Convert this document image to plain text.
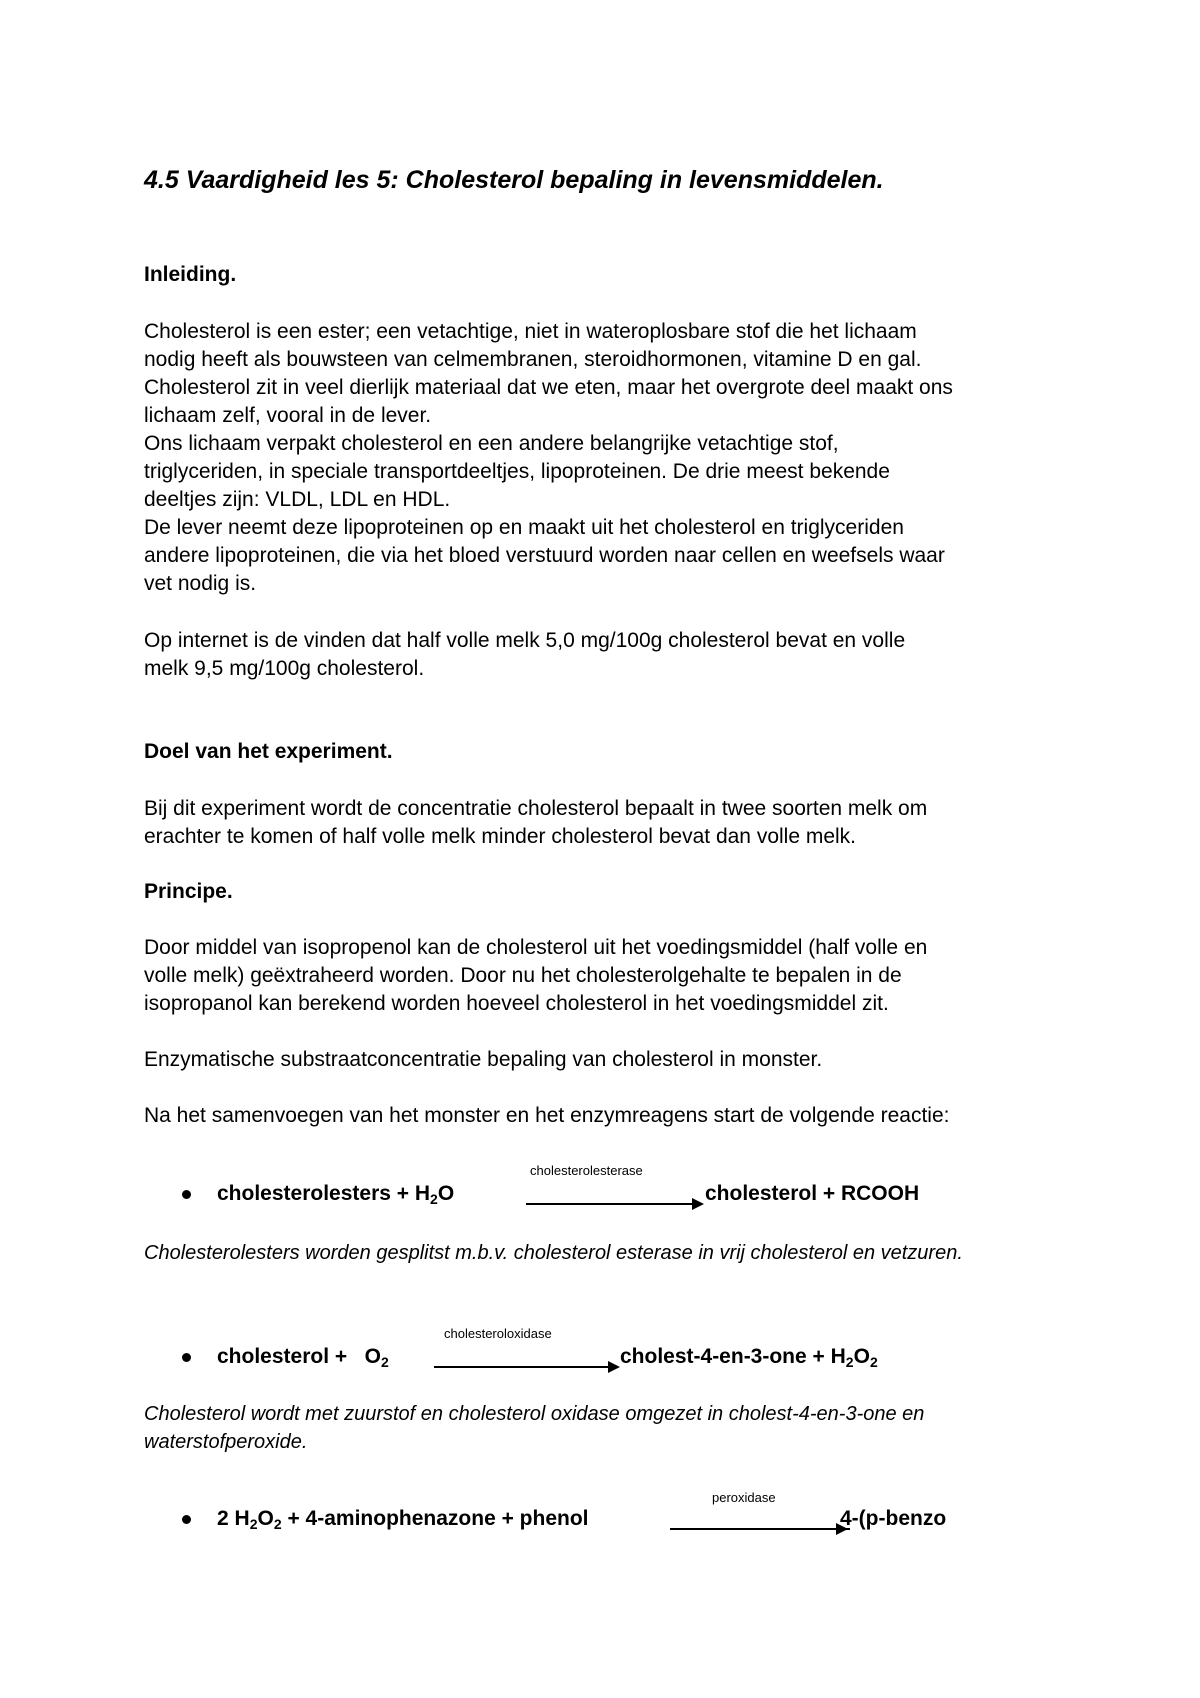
4.5 Vaardigheid les 5: Cholesterol bepaling in levensmiddelen.
Inleiding.
Cholesterol is een ester; een vetachtige, niet in wateroplosbare stof die het lichaam
nodig heeft als bouwsteen van celmembranen, steroidhormonen, vitamine D en gal.
Cholesterol zit in veel dierlijk materiaal dat we eten, maar het overgrote deel maakt ons
lichaam zelf, vooral in de lever.
Ons lichaam verpakt cholesterol en een andere belangrijke vetachtige stof,
triglyceriden, in speciale transportdeeltjes, lipoproteinen. De drie meest bekende
deeltjes zijn: VLDL, LDL en HDL.
De lever neemt deze lipoproteinen op en maakt uit het cholesterol en triglyceriden
andere lipoproteinen, die via het bloed verstuurd worden naar cellen en weefsels waar
vet nodig is.
Op internet is de vinden dat half volle melk 5,0 mg/100g cholesterol bevat en volle
melk 9,5 mg/100g cholesterol.
Doel van het experiment.
Bij dit experiment wordt de concentratie cholesterol bepaalt in twee soorten melk om
erachter te komen of half volle melk minder cholesterol bevat dan volle melk.
Principe.
Door middel van isopropenol kan de cholesterol uit het voedingsmiddel (half volle en
volle melk) geëxtraheerd worden. Door nu het cholesterolgehalte te bepalen in de
isopropanol kan berekend worden hoeveel cholesterol in het voedingsmiddel zit.
Enzymatische substraatconcentratie bepaling van cholesterol in monster.
Na het samenvoegen van het monster en het enzymreagens start de volgende reactie:
cholesterolesters + $H_2O$
cholesterolesterase
cholesterol + RCOOH
Cholesterolesters worden gesplitst m.b.v. cholesterol esterase in vrij cholesterol en vetzuren.
cholesterol +   $O_2$
cholesteroloxidase
cholest-4-en-3-one + $H_2O_2$
Cholesterol wordt met zuurstof en cholesterol oxidase omgezet in cholest-4-en-3-one en
waterstofperoxide.
2 $H_2O_2$ + 4-aminophenazone + phenol
peroxidase
4-(p-benzo
